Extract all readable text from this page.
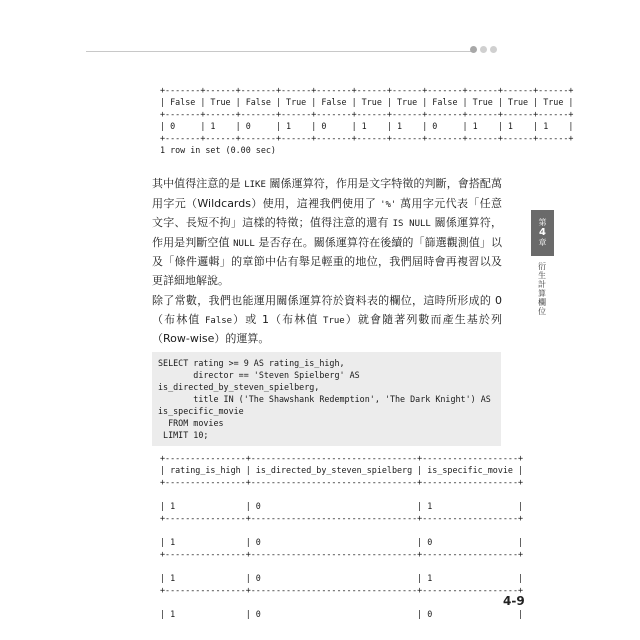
+-------+------+-------+------+-------+------+------+-------+------+------+------+
| False | True | False | True | False | True | True | False | True | True | True |
+-------+------+-------+------+-------+------+------+-------+------+------+------+
| 0     | 1    | 0     | 1    | 0     | 1    | 1    | 0     | 1    | 1    | 1    |
+-------+------+-------+------+-------+------+------+-------+------+------+------+
1 row in set (0.00 sec)

其中值得注意的是 LIKE 關係運算符，作用是文字特徵的判斷，會搭配萬用字元（Wildcards）使用，這裡我們使用了 '%' 萬用字元代表「任意文字、長短不拘」這樣的特徵；值得注意的還有 IS NULL 關係運算符，作用是判斷空值 NULL 是否存在。關係運算符在後續的「篩選觀測值」以及「條件邏輯」的章節中佔有舉足輕重的地位，我們屆時會再複習以及更詳細地解說。

除了常數，我們也能運用關係運算符於資料表的欄位，這時所形成的 0（布林值 False）或 1（布林值 True）就會隨著列數而產生基於列（Row-wise）的運算。

SELECT rating >= 9 AS rating_is_high,
director == 'Steven Spielberg' AS
is_directed_by_steven_spielberg,
title IN ('The Shawshank Redemption', 'The Dark Knight') AS
is_specific_movie
FROM movies
LIMIT 10;
+----------------+---------------------------------+-------------------+
| rating_is_high | is_directed_by_steven_spielberg | is_specific_movie |
+----------------+---------------------------------+-------------------+
| 1              | 0                               | 1                 |
+----------------+---------------------------------+-------------------+
| 1              | 0                               | 0                 |
+----------------+---------------------------------+-------------------+
| 1              | 0                               | 1                 |
+----------------+---------------------------------+-------------------+
| 1              | 0                               | 0                 |
第
4
章
衍生計算欄位
4-9
